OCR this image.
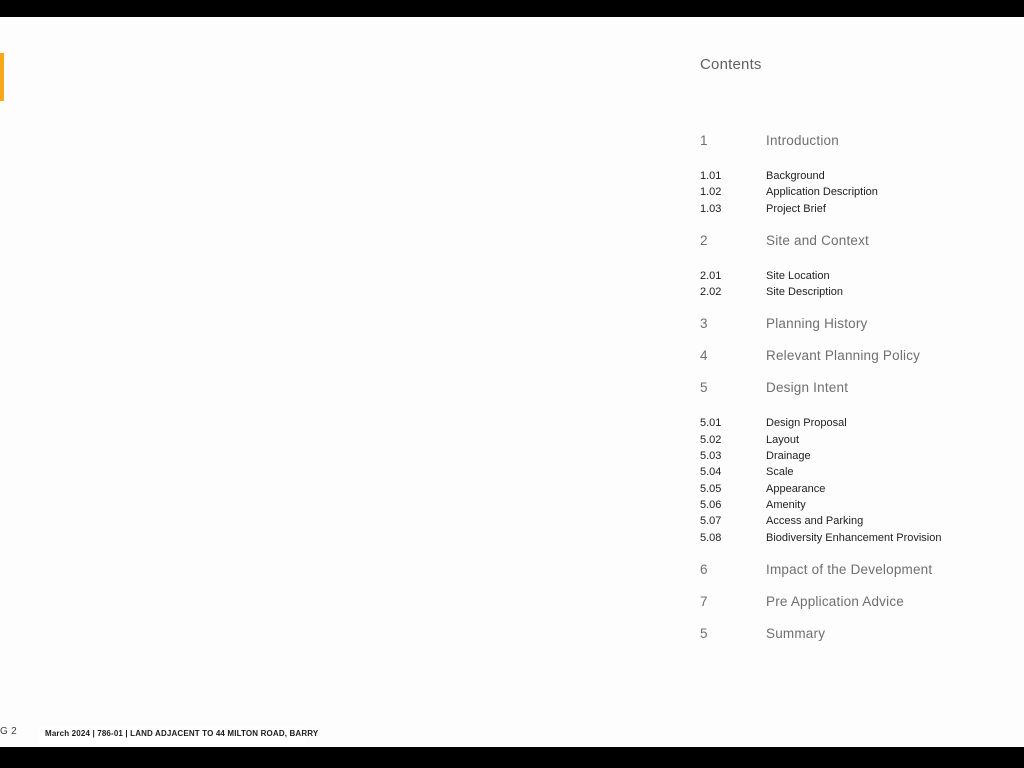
Contents
1	Introduction
1.01	Background
1.02	Application Description
1.03	Project Brief
2	Site and Context
2.01	Site Location
2.02	Site Description
3	Planning History
4	Relevant Planning Policy
5	Design Intent
5.01	Design Proposal
5.02	Layout
5.03	Drainage
5.04	Scale
5.05	Appearance
5.06	Amenity
5.07	Access and Parking
5.08	Biodiversity Enhancement Provision
6	Impact of the Development
7	Pre Application Advice
5	Summary
G 2	March 2024 | 786-01 | LAND ADJACENT TO 44 MILTON ROAD, BARRY
